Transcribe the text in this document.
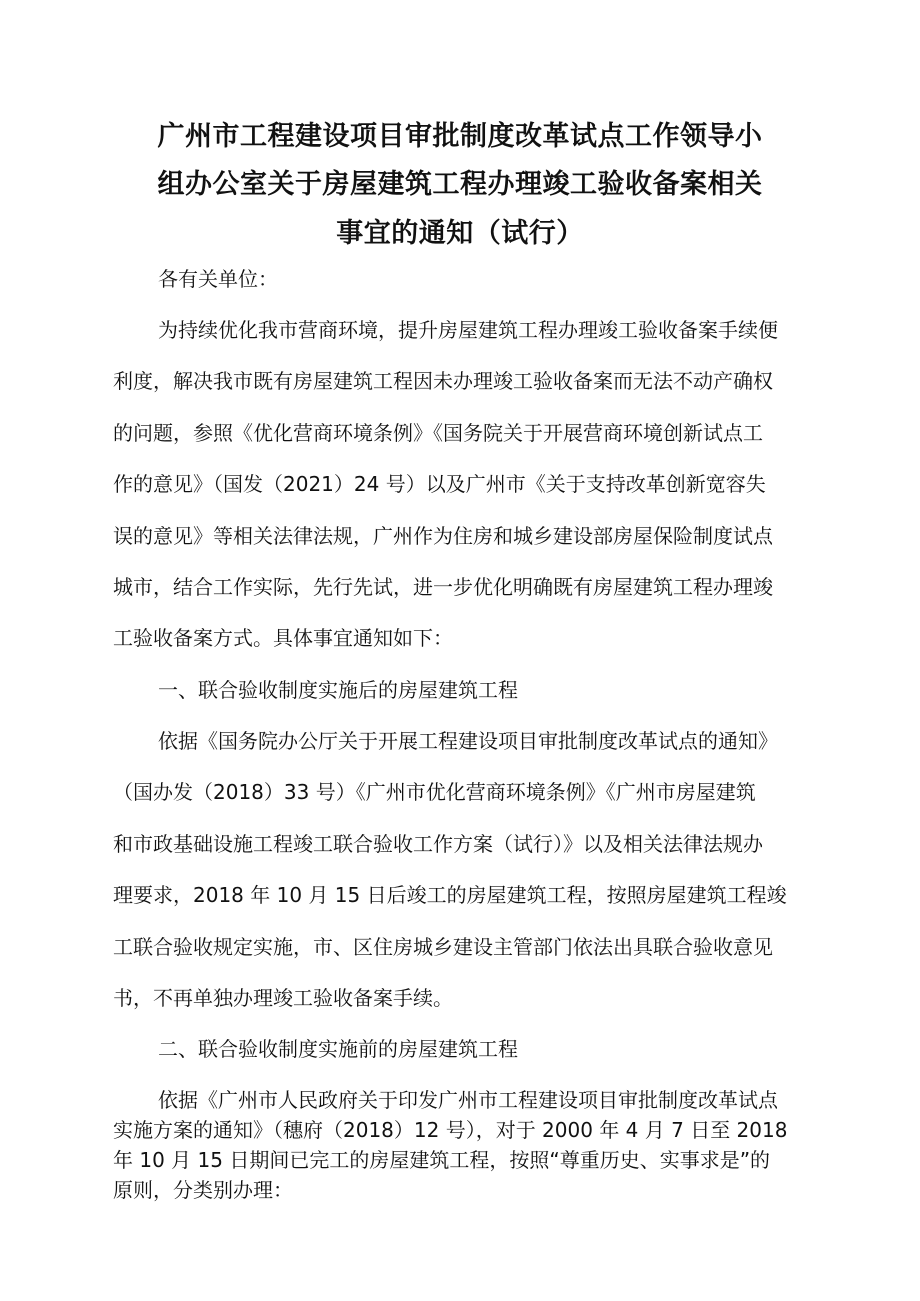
广州市工程建设项目审批制度改革试点工作领导小
组办公室关于房屋建筑工程办理竣工验收备案相关
事宜的通知（试行）
各有关单位：
为持续优化我市营商环境，提升房屋建筑工程办理竣工验收备案手续便
利度，解决我市既有房屋建筑工程因未办理竣工验收备案而无法不动产确权
的问题，参照《优化营商环境条例》《国务院关于开展营商环境创新试点工
作的意见》（国发（2021）24 号）以及广州市《关于支持改革创新宽容失
误的意见》等相关法律法规，广州作为住房和城乡建设部房屋保险制度试点
城市，结合工作实际，先行先试，进一步优化明确既有房屋建筑工程办理竣
工验收备案方式。具体事宜通知如下：
一、联合验收制度实施后的房屋建筑工程
依据《国务院办公厅关于开展工程建设项目审批制度改革试点的通知》
（国办发（2018）33 号）《广州市优化营商环境条例》《广州市房屋建筑
和市政基础设施工程竣工联合验收工作方案（试行）》以及相关法律法规办
理要求，2018 年 10 月 15 日后竣工的房屋建筑工程，按照房屋建筑工程竣
工联合验收规定实施，市、区住房城乡建设主管部门依法出具联合验收意见
书，不再单独办理竣工验收备案手续。
二、联合验收制度实施前的房屋建筑工程
依据《广州市人民政府关于印发广州市工程建设项目审批制度改革试点
实施方案的通知》（穗府（2018）12 号），对于 2000 年 4 月 7 日至 2018
年 10 月 15 日期间已完工的房屋建筑工程，按照“尊重历史、实事求是”的
原则，分类别办理：
